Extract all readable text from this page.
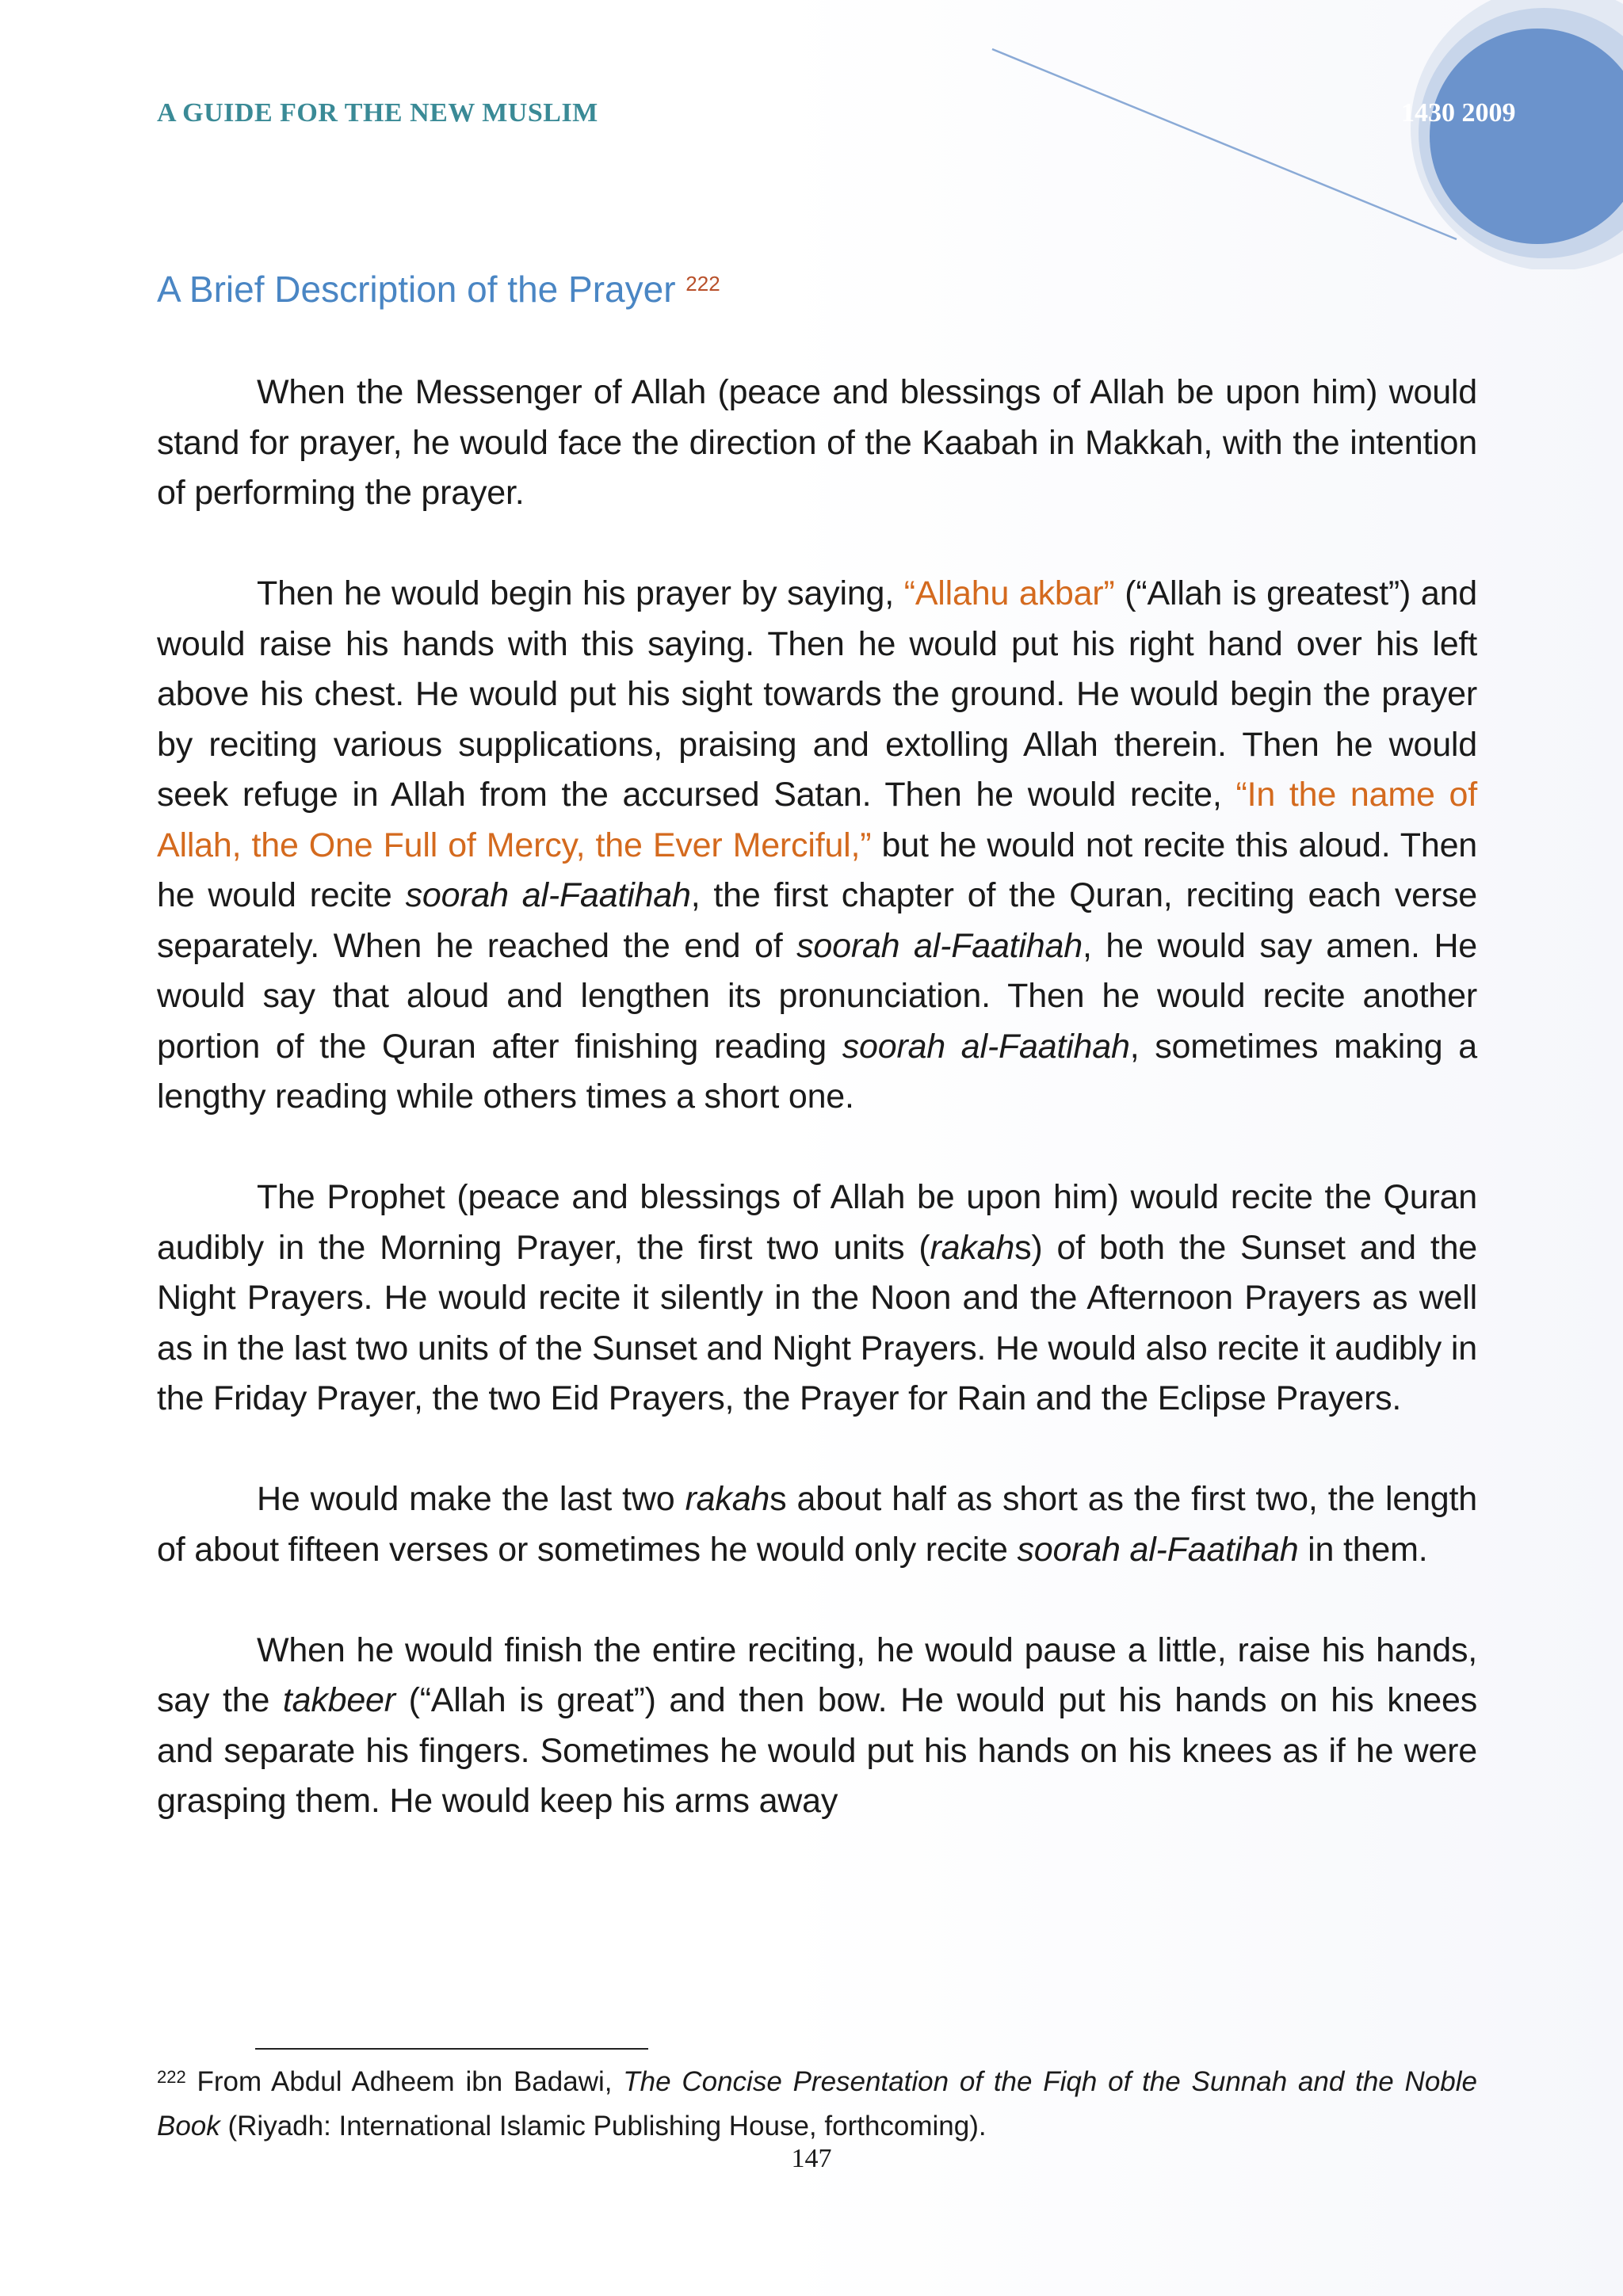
A GUIDE FOR THE NEW MUSLIM	1430 2009
A Brief Description of the Prayer $^{222}$

When the Messenger of Allah (peace and blessings of Allah be upon him) would stand for prayer, he would face the direction of the Kaabah in Makkah, with the intention of performing the prayer.

Then he would begin his prayer by saying, “Allahu akbar” (“Allah is greatest”) and would raise his hands with this saying. Then he would put his right hand over his left above his chest. He would put his sight towards the ground. He would begin the prayer by reciting various supplications, praising and extolling Allah therein. Then he would seek refuge in Allah from the accursed Satan. Then he would recite, “In the name of Allah, the One Full of Mercy, the Ever Merciful,” but he would not recite this aloud. Then he would recite soorah al-Faatihah, the first chapter of the Quran, reciting each verse separately. When he reached the end of soorah al-Faatihah, he would say amen. He would say that aloud and lengthen its pronunciation. Then he would recite another portion of the Quran after finishing reading soorah al-Faatihah, sometimes making a lengthy reading while others times a short one.

The Prophet (peace and blessings of Allah be upon him) would recite the Quran audibly in the Morning Prayer, the first two units (rakahs) of both the Sunset and the Night Prayers. He would recite it silently in the Noon and the Afternoon Prayers as well as in the last two units of the Sunset and Night Prayers. He would also recite it audibly in the Friday Prayer, the two Eid Prayers, the Prayer for Rain and the Eclipse Prayers.

He would make the last two rakahs about half as short as the first two, the length of about fifteen verses or sometimes he would only recite soorah al-Faatihah in them.

When he would finish the entire reciting, he would pause a little, raise his hands, say the takbeer (“Allah is great”) and then bow. He would put his hands on his knees and separate his fingers. Sometimes he would put his hands on his knees as if he were grasping them. He would keep his arms away

$^{222}$ From Abdul Adheem ibn Badawi, The Concise Presentation of the Fiqh of the Sunnah and the Noble Book (Riyadh: International Islamic Publishing House, forthcoming).
147
